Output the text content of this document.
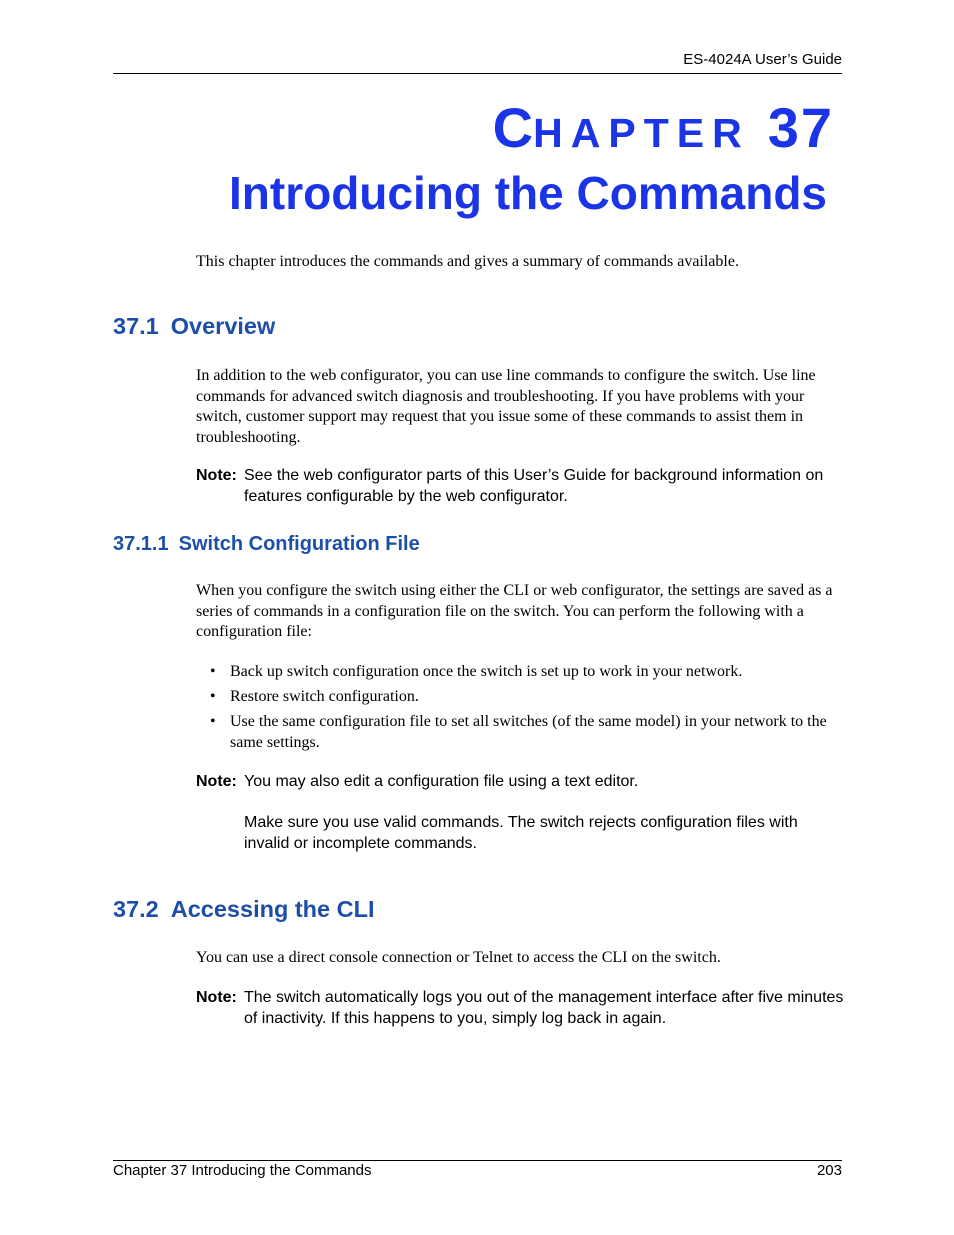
ES-4024A User’s Guide
CHAPTER 37
Introducing the Commands
This chapter introduces the commands and gives a summary of commands available.
37.1 Overview
In addition to the web configurator, you can use line commands to configure the switch. Use line commands for advanced switch diagnosis and troubleshooting. If you have problems with your switch, customer support may request that you issue some of these commands to assist them in troubleshooting.
Note: See the web configurator parts of this User’s Guide for background information on features configurable by the web configurator.
37.1.1 Switch Configuration File
When you configure the switch using either the CLI or web configurator, the settings are saved as a series of commands in a configuration file on the switch. You can perform the following with a configuration file:
• Back up switch configuration once the switch is set up to work in your network.
• Restore switch configuration.
• Use the same configuration file to set all switches (of the same model) in your network to the same settings.
Note: You may also edit a configuration file using a text editor.
Make sure you use valid commands. The switch rejects configuration files with invalid or incomplete commands.
37.2 Accessing the CLI
You can use a direct console connection or Telnet to access the CLI on the switch.
Note: The switch automatically logs you out of the management interface after five minutes of inactivity. If this happens to you, simply log back in again.
Chapter 37 Introducing the Commands	203
